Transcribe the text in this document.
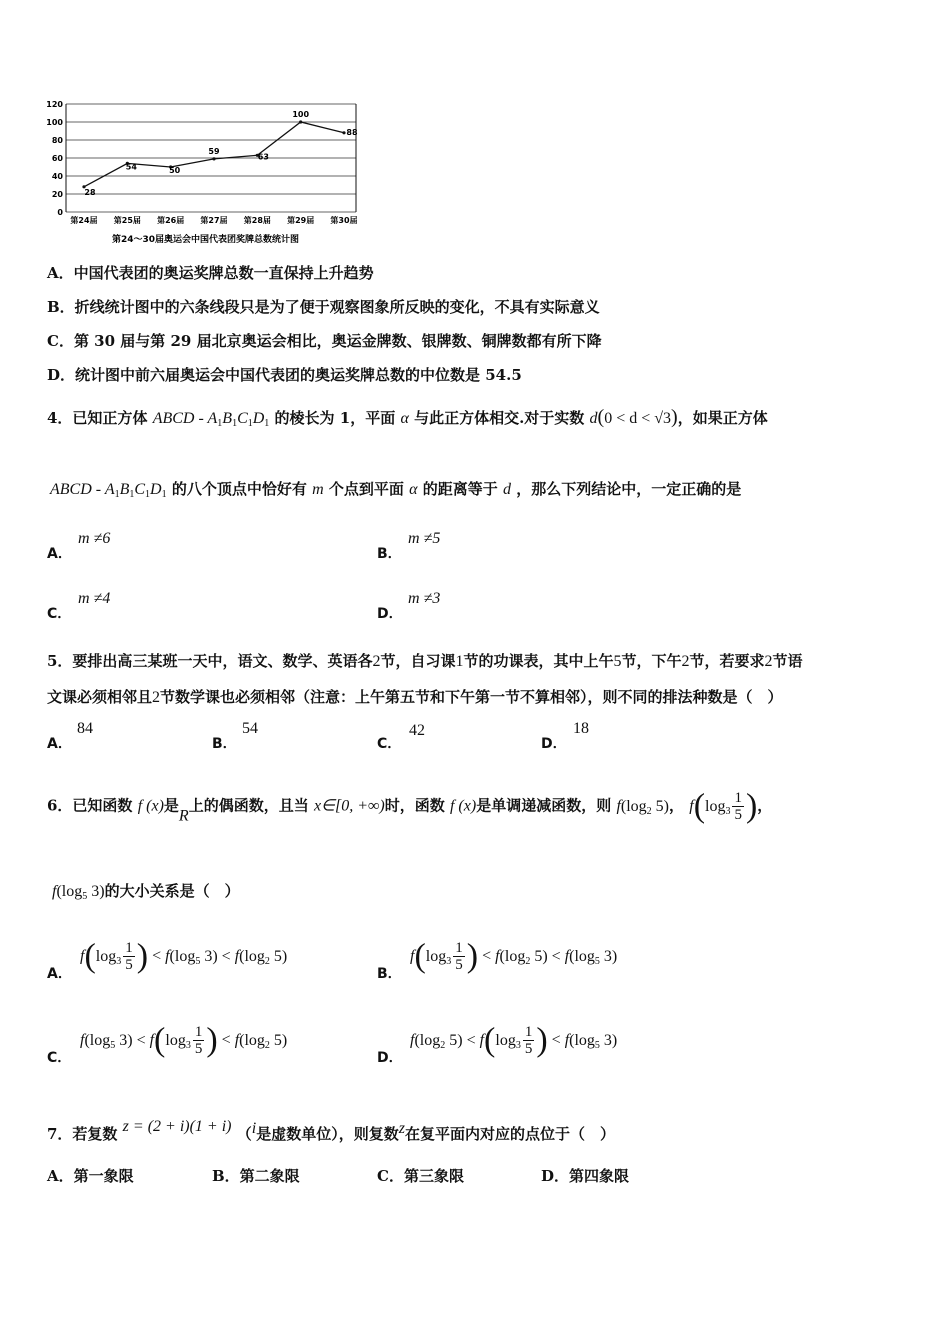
0
20
40
60
80
100
120
第24届 第25届 第26届 第27届 第28届 第29届 第30届
28
54	50
59
63
100
88
第24～30届奥运会中国代表团奖牌总数统计图
A．中国代表团的奥运奖牌总数一直保持上升趋势
B．折线统计图中的六条线段只是为了便于观察图象所反映的变化，不具有实际意义
C．第 30 届与第 29 届北京奥运会相比，奥运金牌数、银牌数、铜牌数都有所下降
D．统计图中前六届奥运会中国代表团的奥运奖牌总数的中位数是 54.5
4．已知正方体 ABCD - $A_1B_1C_1D_1$ 的棱长为 1，平面 α 与此正方体相交.对于实数 d(0 < d < √3)，如果正方体
ABCD - $A_1B_1C_1D_1$ 的八个顶点中恰好有 m 个点到平面 α 的距离等于 d ，那么下列结论中，一定正确的是
A．
m ≠6
B．
m ≠5
C．
m ≠4
D．
m ≠3
5．要排出高三某班一天中，语文、数学、英语各2节，自习课1节的功课表，其中上午5节，下午2节，若要求2节语
文课必须相邻且2节数学课也必须相邻（注意：上午第五节和下午第一节不算相邻），则不同的排法种数是（　）
A．
84
B．
54
C．
42
D．
18
6．已知函数 f (x)是R上的偶函数，且当 x∈[0, +∞)时，函数 f (x)是单调递减函数，则 $f(\log_2$ 5)， $f(\log_3 \frac{1}{5}$ )，
$f(\log_5$ 3)的大小关系是（　）
A．
$f(\log_3 \frac{1}{5}$ ) < $f(\log_5$ $3) < f(\log_2$ 5)
B．
$f(\log_3 \frac{1}{5}$ ) < $f(\log_2$ $5) < f(\log_5$ 3)
C．
$f(\log_5$ $3) < f(\log_3 \frac{1}{5}$ ) < $f(\log_2$ 5)
D．
$f(\log_2$ $5) < f(\log_3 \frac{1}{5}$ ) < $f(\log_5$ 3)
7．若复数 z = (2 + i)(1 + i) （i是虚数单位），则复数z在复平面内对应的点位于（　）
A．第一象限	B．第二象限	C．第三象限	D．第四象限
